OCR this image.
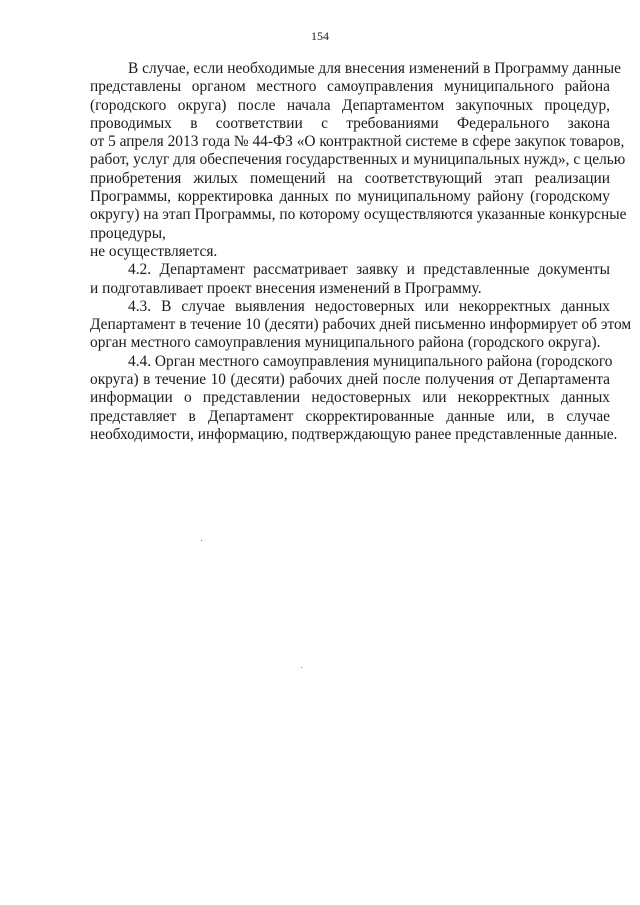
154
В случае, если необходимые для внесения изменений в Программу данные
представлены органом местного самоуправления муниципального района
(городского округа) после начала Департаментом закупочных процедур,
проводимых в соответствии с требованиями Федерального закона
от 5 апреля 2013 года № 44-ФЗ «О контрактной системе в сфере закупок товаров,
работ, услуг для обеспечения государственных и муниципальных нужд», с целью
приобретения жилых помещений на соответствующий этап реализации
Программы, корректировка данных по муниципальному району (городскому
округу) на этап Программы, по которому осуществляются указанные конкурсные
процедуры,
не осуществляется.
4.2. Департамент рассматривает заявку и представленные документы
и подготавливает проект внесения изменений в Программу.
4.3. В случае выявления недостоверных или некорректных данных
Департамент в течение 10 (десяти) рабочих дней письменно информирует об этом
орган местного самоуправления муниципального района (городского округа).
4.4. Орган местного самоуправления муниципального района (городского
округа) в течение 10 (десяти) рабочих дней после получения от Департамента
информации о представлении недостоверных или некорректных данных
представляет в Департамент скорректированные данные или, в случае
необходимости, информацию, подтверждающую ранее представленные данные.
